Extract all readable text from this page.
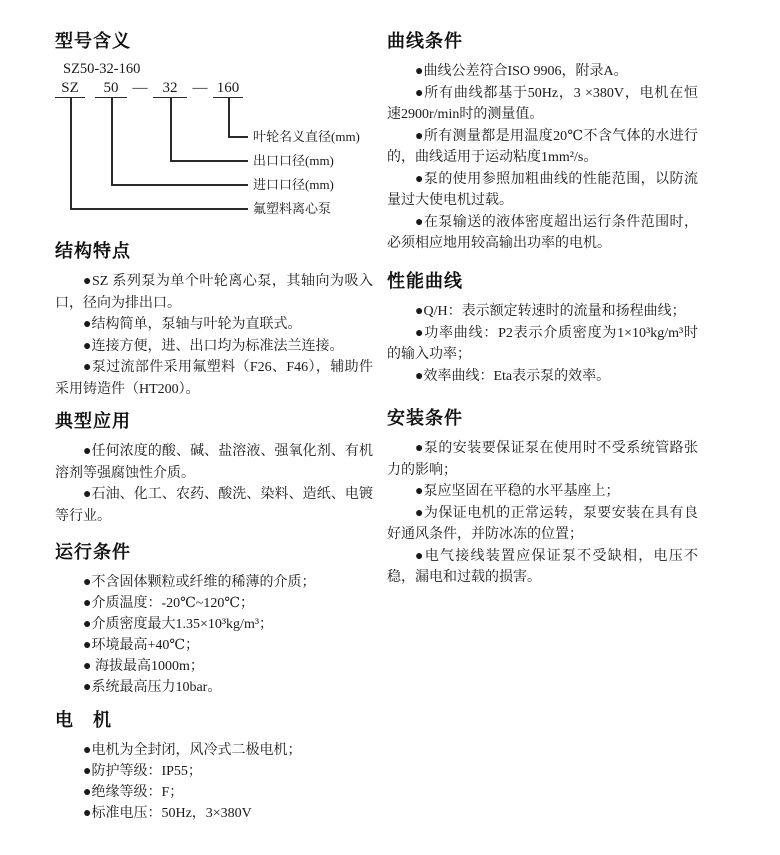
型号含义
SZ50-32-160
SZ	50 —	32	— 160
叶轮名义直径(mm)
出口口径(mm)
进口口径(mm)
氟塑料离心泵
结构特点

●SZ 系列泵为单个叶轮离心泵，其轴向为吸入口，径向为排出口。

●结构简单，泵轴与叶轮为直联式。

●连接方便，进、出口均为标准法兰连接。

●泵过流部件采用氟塑料（F26、F46），辅助件采用铸造件（HT200）。

典型应用

●任何浓度的酸、碱、盐溶液、强氧化剂、有机溶剂等强腐蚀性介质。

●石油、化工、农药、酸洗、染料、造纸、电镀等行业。

运行条件

●不含固体颗粒或纤维的稀薄的介质；

●介质温度：-20℃~120℃；

●介质密度最大1.35×10³kg/m³；

●环境最高+40℃；

● 海拔最高1000m；

●系统最高压力10bar。

电　机

●电机为全封闭，风冷式二极电机；

●防护等级：IP55；

●绝缘等级：F；

●标准电压：50Hz，3×380V

曲线条件

●曲线公差符合ISO 9906，附录A。

●所有曲线都基于50Hz，3 ×380V，电机在恒速2900r/min时的测量值。

●所有测量都是用温度20℃不含气体的水进行的，曲线适用于运动粘度1mm²/s。

●泵的使用参照加粗曲线的性能范围，以防流量过大使电机过载。

●在泵输送的液体密度超出运行条件范围时，必须相应地用较高输出功率的电机。

性能曲线

●Q/H：表示额定转速时的流量和扬程曲线；

●功率曲线：P2表示介质密度为1×10³kg/m³时的输入功率；

●效率曲线：Eta表示泵的效率。

安装条件

●泵的安装要保证泵在使用时不受系统管路张力的影响；

●泵应坚固在平稳的水平基座上；

●为保证电机的正常运转，泵要安装在具有良好通风条件，并防冰冻的位置；

●电气接线装置应保证泵不受缺相，电压不稳，漏电和过载的损害。
